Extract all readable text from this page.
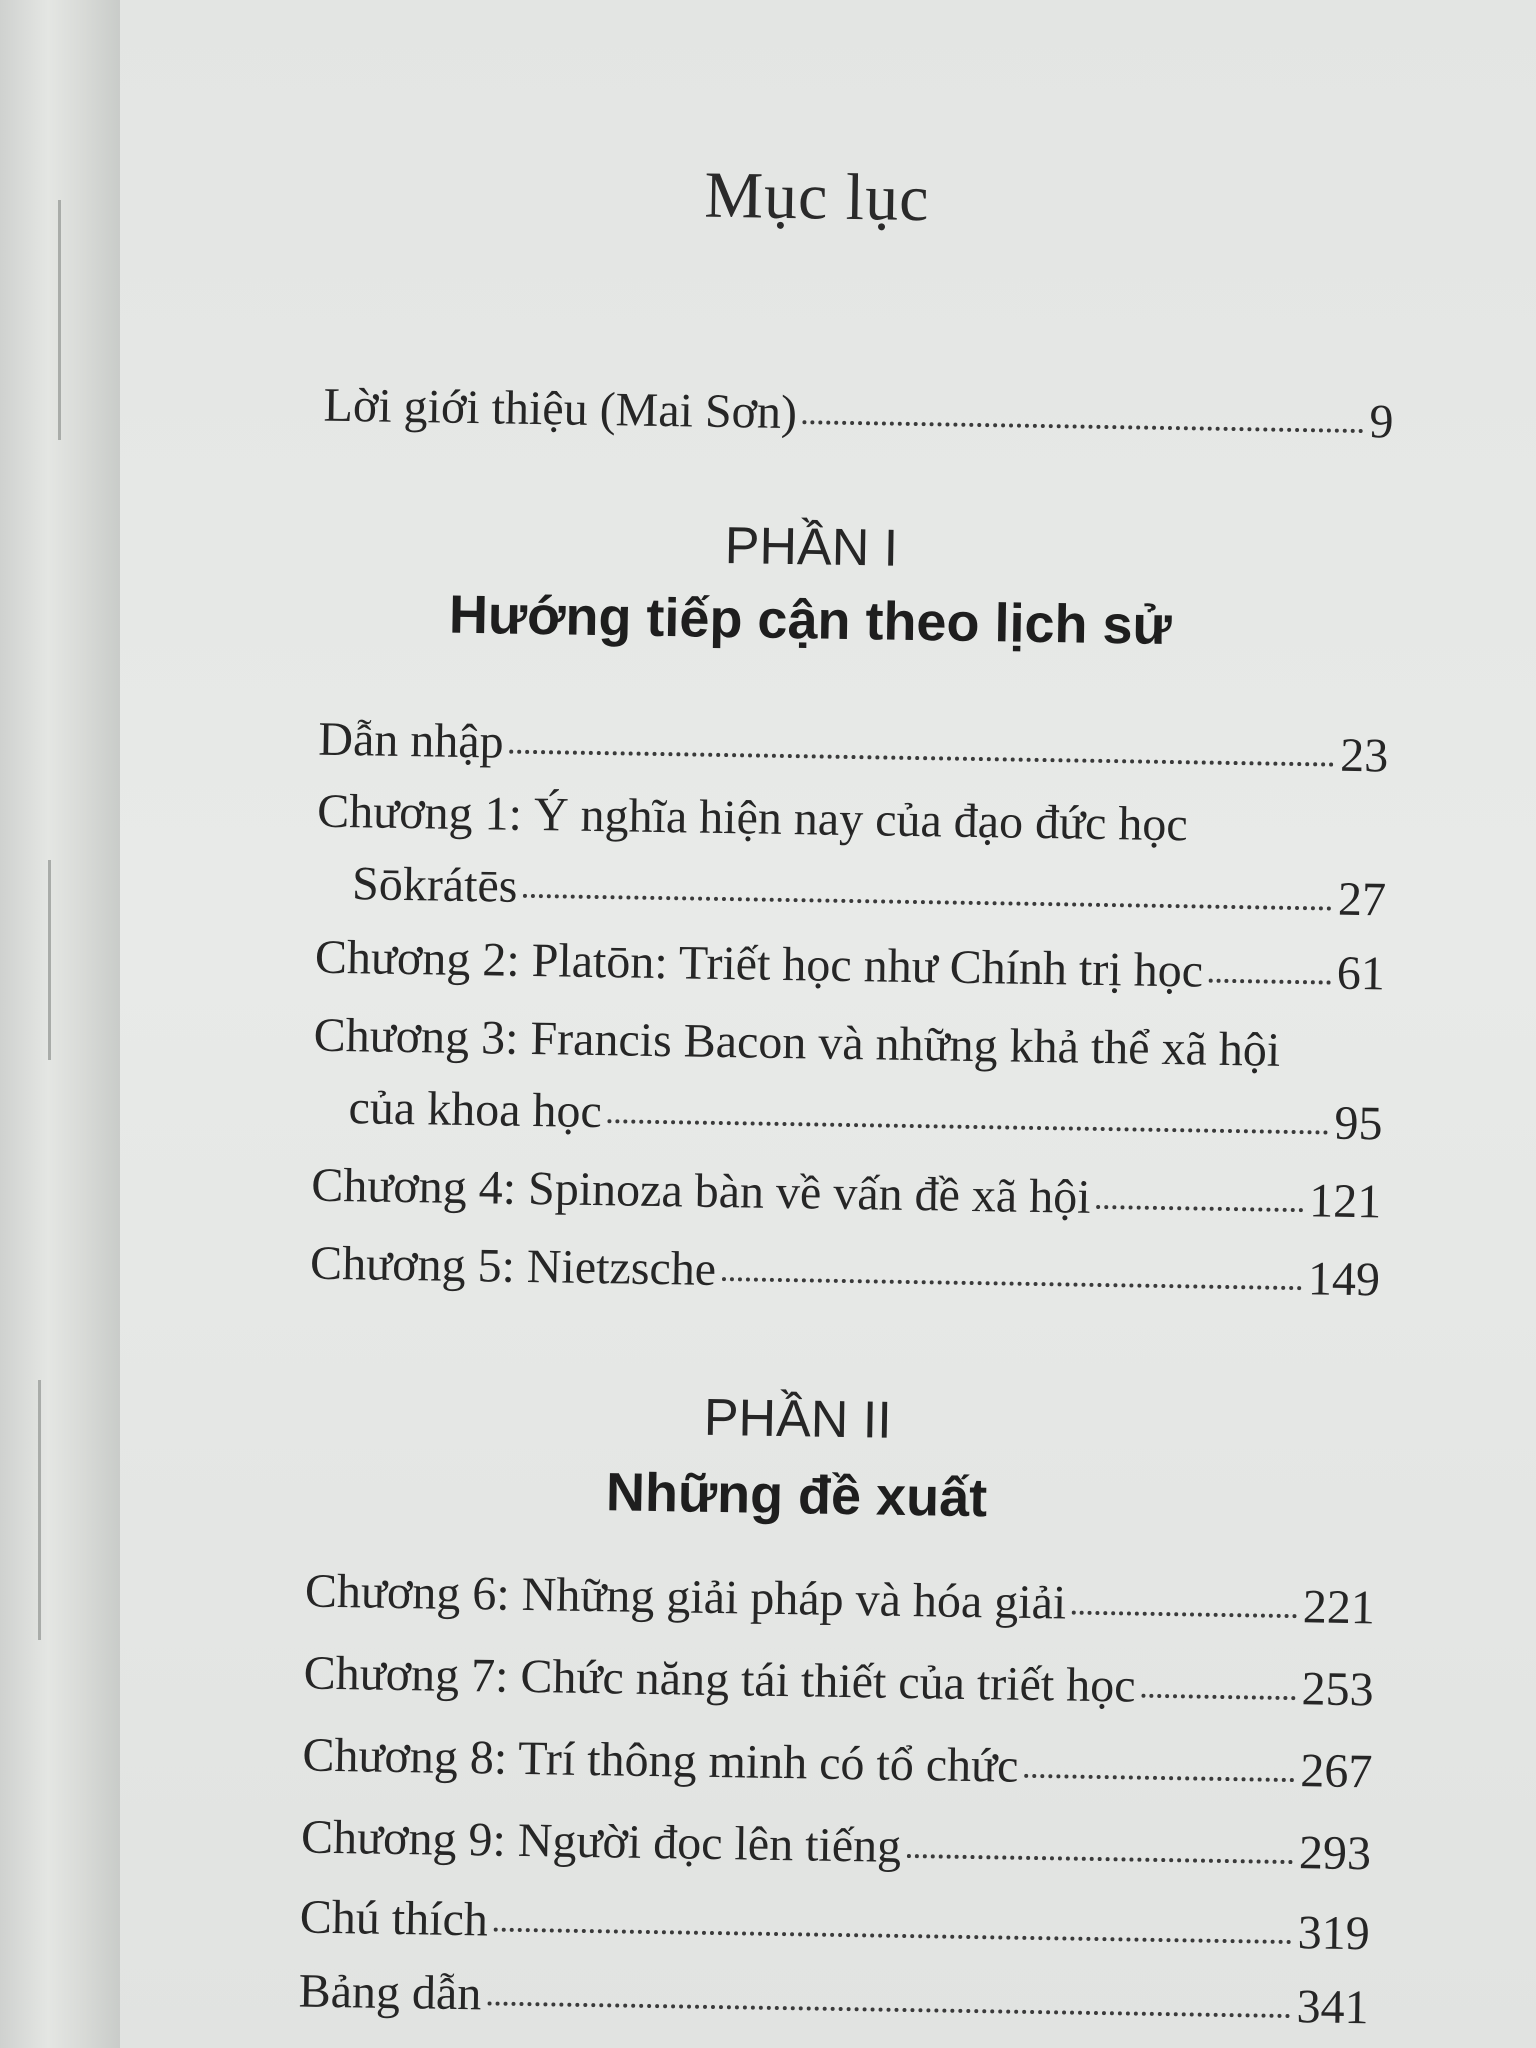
Mục lục
Lời giới thiệu (Mai Sơn)	9
PHẦN I
Hướng tiếp cận theo lịch sử
Dẫn nhập	23
Chương 1: Ý nghĩa hiện nay của đạo đức học
Sōkrátēs	27
Chương 2: Platōn: Triết học như Chính trị học	61
Chương 3: Francis Bacon và những khả thể xã hội
của khoa học	95
Chương 4: Spinoza bàn về vấn đề xã hội	121
Chương 5: Nietzsche	149
PHẦN II
Những đề xuất
Chương 6: Những giải pháp và hóa giải	221
Chương 7: Chức năng tái thiết của triết học	253
Chương 8: Trí thông minh có tổ chức	267
Chương 9: Người đọc lên tiếng	293
Chú thích	319
Bảng dẫn	341
